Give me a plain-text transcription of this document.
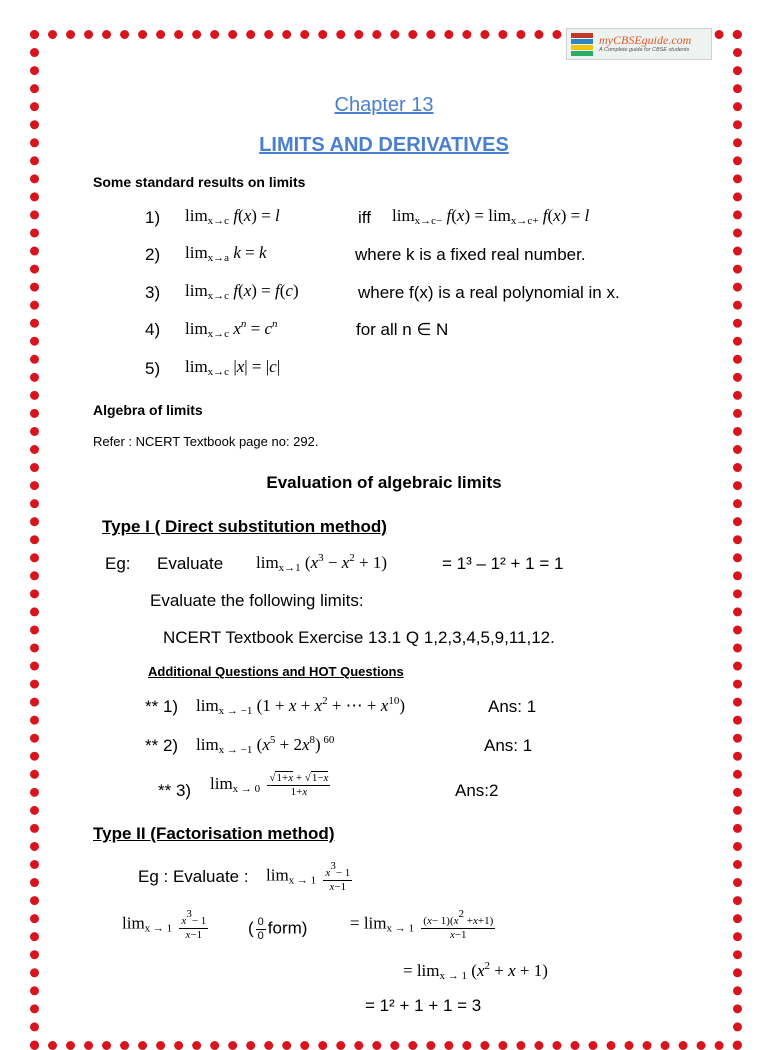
myCBSEguide.com
A Complete guide for CBSE students
Chapter 13
LIMITS AND DERIVATIVES
Some standard results on limits
1) $\lim_{x\to c} f(x) = l$	iff $\lim_{x\to c-} f(x) = \lim_{x\to c+} f(x) = l$
2) $\lim_{x\to a} k = k$	where k is a fixed real number.
3) $\lim_{x\to c} f(x) = f(c)$	where f(x) is a real polynomial in x.
4) $\lim_{x\to c} x^n = c^n$	for all n ∈ N
5) $\lim_{x\to c} |x| = |c|$
Algebra of limits
Refer : NCERT Textbook page no: 292.
Evaluation of algebraic limits
Type I ( Direct substitution method)
Eg: Evaluate $\lim_{x\to 1} (x^3 - x^2 + 1)$	= 1³ – 1² + 1 = 1
Evaluate the following limits:
NCERT Textbook Exercise 13.1 Q 1,2,3,4,5,9,11,12.
Additional Questions and HOT Questions
** 1) $\lim_{x \to -1} (1 + x + x^2$ + ⋯ + $x^{10}$)	Ans: 1
** 2) $\lim_{x \to -1} (x^5 + 2x^8)$ $^{60}$	Ans: 1
** 3) $\lim_{x \to 0} \frac{√1+x + √1-x}{1+x}$	Ans:2
Type II (Factorisation method)
Eg : Evaluate : $\lim_{x \to 1} \frac{x^3- 1}{x-1}$
$\lim_{x \to 1} \frac{x^3- 1}{x-1}$ ( $\frac{0}{0}$ form)	= $\lim_{x \to 1} \frac{(x- 1)(x^2 +x+1)}{x-1}$
= $\lim_{x \to 1} (x^2 + x + 1)$
= 1² + 1 + 1 = 3
